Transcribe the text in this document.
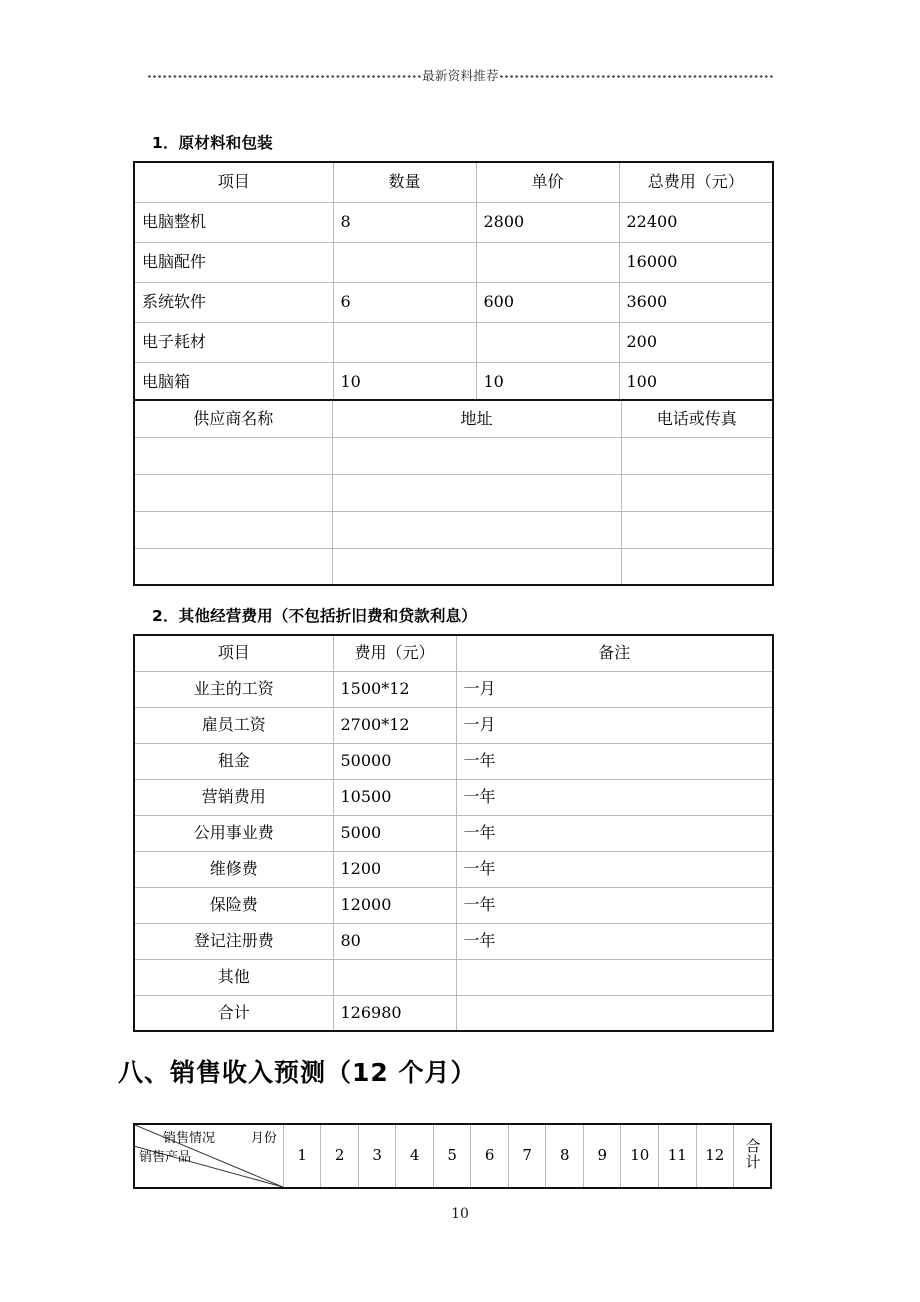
最新资料推荐
1．原材料和包装
项目	数量	单价	总费用（元）
电脑整机	8	2800	22400
电脑配件			16000
系统软件	6	600	3600
电子耗材			200
电脑箱	10	10	100
供应商名称	地址	电话或传真

2．其他经营费用（不包括折旧费和贷款利息）
项目	费用（元）	备注
业主的工资	1500*12	一月
雇员工资	2700*12	一月
租金	50000	一年
营销费用	10500	一年
公用事业费	5000	一年
维修费	1200	一年
保险费	12000	一年
登记注册费	80	一年
其他		
合计	126980	
八、销售收入预测（12 个月）
销售情况	月份
销售产品	1	2	3	4	5	6	7	8	9	10	11	12	合计
10
